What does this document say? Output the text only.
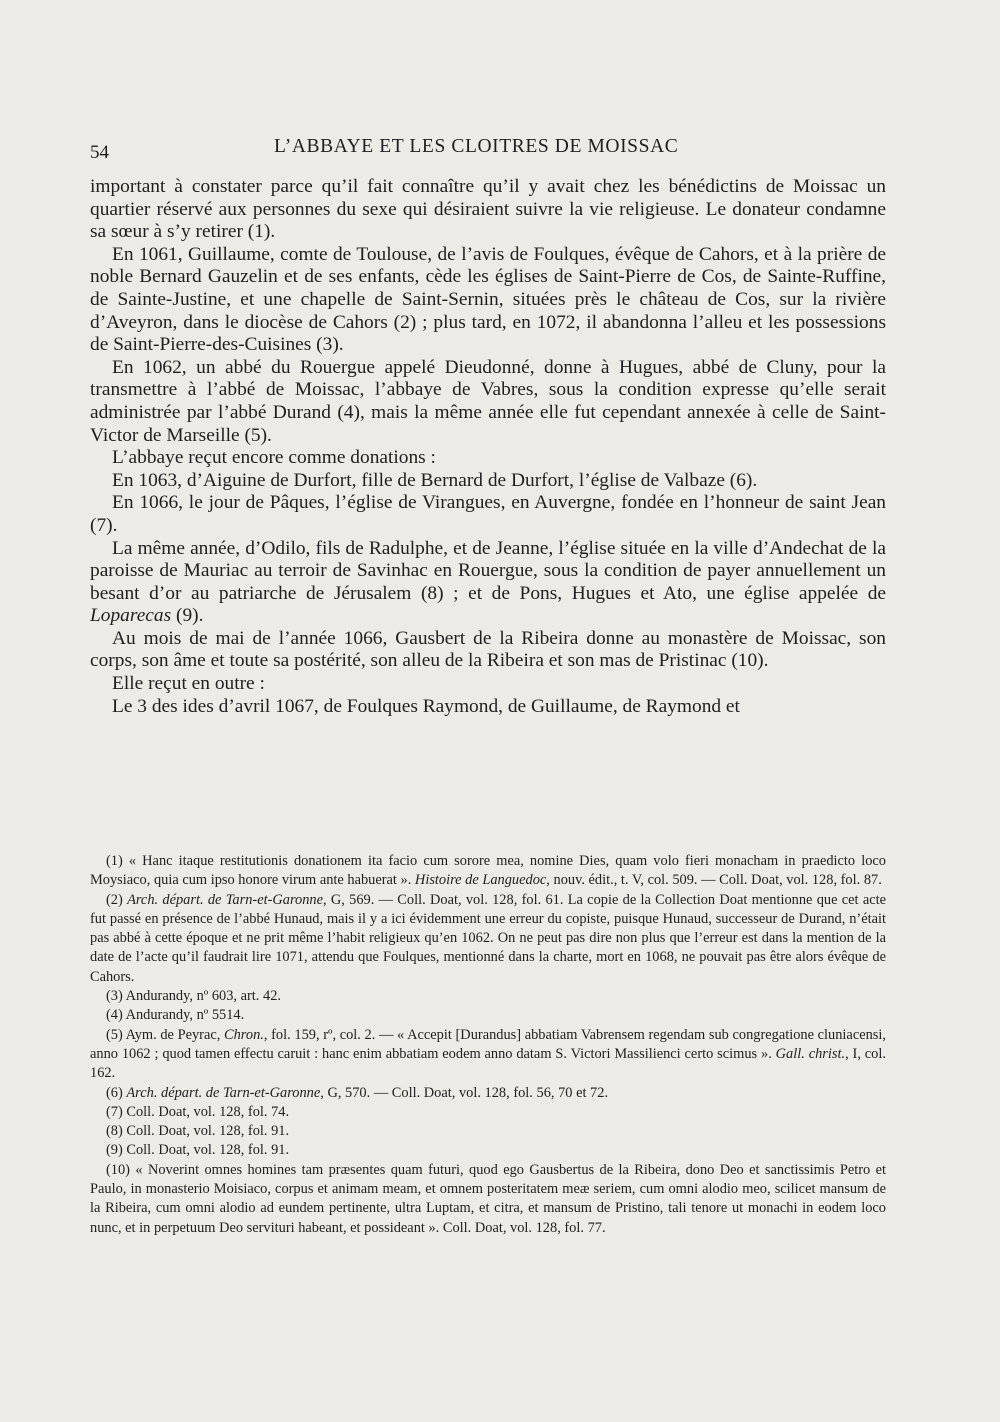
54	L’ABBAYE ET LES CLOITRES DE MOISSAC

important à constater parce qu’il fait connaître qu’il y avait chez les bénédictins de Moissac un quartier réservé aux personnes du sexe qui désiraient suivre la vie religieuse. Le donateur condamne sa sœur à s’y retirer (1).

En 1061, Guillaume, comte de Toulouse, de l’avis de Foulques, évêque de Cahors, et à la prière de noble Bernard Gauzelin et de ses enfants, cède les églises de Saint-Pierre de Cos, de Sainte-Ruffine, de Sainte-Justine, et une chapelle de Saint-Sernin, situées près le château de Cos, sur la rivière d’Aveyron, dans le diocèse de Cahors (2) ; plus tard, en 1072, il abandonna l’alleu et les possessions de Saint-Pierre-des-Cuisines (3).

En 1062, un abbé du Rouergue appelé Dieudonné, donne à Hugues, abbé de Cluny, pour la transmettre à l’abbé de Moissac, l’abbaye de Vabres, sous la condition expresse qu’elle serait administrée par l’abbé Durand (4), mais la même année elle fut cependant annexée à celle de Saint-Victor de Marseille (5).

L’abbaye reçut encore comme donations :

En 1063, d’Aiguine de Durfort, fille de Bernard de Durfort, l’église de Valbaze (6).

En 1066, le jour de Pâques, l’église de Virangues, en Auvergne, fondée en l’honneur de saint Jean (7).

La même année, d’Odilo, fils de Radulphe, et de Jeanne, l’église située en la ville d’Andechat de la paroisse de Mauriac au terroir de Savinhac en Rouergue, sous la condition de payer annuellement un besant d’or au patriarche de Jérusalem (8) ; et de Pons, Hugues et Ato, une église appelée de Loparecas (9).

Au mois de mai de l’année 1066, Gausbert de la Ribeira donne au monastère de Moissac, son corps, son âme et toute sa postérité, son alleu de la Ribeira et son mas de Pristinac (10).

Elle reçut en outre :

Le 3 des ides d’avril 1067, de Foulques Raymond, de Guillaume, de Raymond et

(1) « Hanc itaque restitutionis donationem ita facio cum sorore mea, nomine Dies, quam volo fieri monacham in praedicto loco Moysiaco, quia cum ipso honore virum ante habuerat ». Histoire de Languedoc, nouv. édit., t. V, col. 509. — Coll. Doat, vol. 128, fol. 87.

(2) Arch. départ. de Tarn-et-Garonne, G, 569. — Coll. Doat, vol. 128, fol. 61. La copie de la Collection Doat mentionne que cet acte fut passé en présence de l’abbé Hunaud, mais il y a ici évidemment une erreur du copiste, puisque Hunaud, successeur de Durand, n’était pas abbé à cette époque et ne prit même l’habit religieux qu’en 1062. On ne peut pas dire non plus que l’erreur est dans la mention de la date de l’acte qu’il faudrait lire 1071, attendu que Foulques, mentionné dans la charte, mort en 1068, ne pouvait pas être alors évêque de Cahors.

(3) Andurandy, nº 603, art. 42.

(4) Andurandy, nº 5514.

(5) Aym. de Peyrac, Chron., fol. 159, rº, col. 2. — « Accepit [Durandus] abbatiam Vabrensem regendam sub congregatione cluniacensi, anno 1062 ; quod tamen effectu caruit : hanc enim abbatiam eodem anno datam S. Victori Massilienci certo scimus ». Gall. christ., I, col. 162.

(6) Arch. départ. de Tarn-et-Garonne, G, 570. — Coll. Doat, vol. 128, fol. 56, 70 et 72.

(7) Coll. Doat, vol. 128, fol. 74.

(8) Coll. Doat, vol. 128, fol. 91.

(9) Coll. Doat, vol. 128, fol. 91.

(10) « Noverint omnes homines tam præsentes quam futuri, quod ego Gausbertus de la Ribeira, dono Deo et sanctissimis Petro et Paulo, in monasterio Moisiaco, corpus et animam meam, et omnem posteritatem meæ seriem, cum omni alodio meo, scilicet mansum de la Ribeira, cum omni alodio ad eundem pertinente, ultra Luptam, et citra, et mansum de Pristino, tali tenore ut monachi in eodem loco nunc, et in perpetuum Deo servituri habeant, et possideant ». Coll. Doat, vol. 128, fol. 77.
